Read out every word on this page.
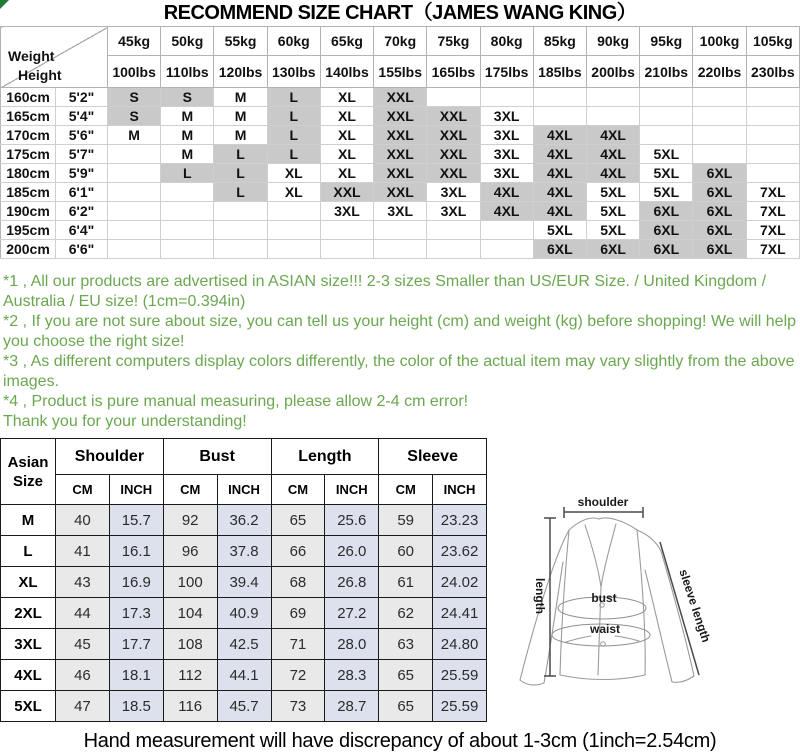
RECOMMEND SIZE CHART（JAMES WANG KING）
Weight
Height		45kg	50kg	55kg	60kg	65kg	70kg	75kg	80kg	85kg	90kg	95kg	100kg	105kg
		100lbs	110lbs	120lbs	130lbs	140lbs	155lbs	165lbs	175lbs	185lbs	200lbs	210lbs	220lbs	230lbs
160cm	5'2"	S	S	M	L	XL	XXL							
165cm	5'4"	S	M	M	L	XL	XXL	XXL	3XL					
170cm	5'6"	M	M	M	L	XL	XXL	XXL	3XL	4XL	4XL			
175cm	5'7"		M	L	L	XL	XXL	XXL	3XL	4XL	4XL	5XL		
180cm	5'9"		L	L	XL	XL	XXL	XXL	3XL	4XL	4XL	5XL	6XL	
185cm	6'1"			L	XL	XXL	XXL	3XL	4XL	4XL	5XL	5XL	6XL	7XL
190cm	6'2"					3XL	3XL	3XL	4XL	4XL	5XL	6XL	6XL	7XL
195cm	6'4"									5XL	5XL	6XL	6XL	7XL
200cm	6'6"									6XL	6XL	6XL	6XL	7XL

*1 , All our products are advertised in ASIAN size!!! 2-3 sizes Smaller than US/EUR Size. / United Kingdom / Australia / EU size! (1cm=0.394in)

*2 , If you are not sure about size, you can tell us your height (cm) and weight (kg) before shopping! We will help you choose the right size!

*3 , As different computers display colors differently, the color of the actual item may vary slightly from the above images.

*4 , Product is pure manual measuring, please allow 2-4 cm error!

Thank you for your understanding!

Asian
Size	Shoulder		Bust		Length		Sleeve	
	CM	INCH	CM	INCH	CM	INCH	CM	INCH
M	40	15.7	92	36.2	65	25.6	59	23.23
L	41	16.1	96	37.8	66	26.0	60	23.62
XL	43	16.9	100	39.4	68	26.8	61	24.02
2XL	44	17.3	104	40.9	69	27.2	62	24.41
3XL	45	17.7	108	42.5	71	28.0	63	24.80
4XL	46	18.1	112	44.1	72	28.3	65	25.59
5XL	47	18.5	116	45.7	73	28.7	65	25.59
shoulder
length	sleeve length
bust
waist
Hand measurement will have discrepancy of about 1-3cm (1inch=2.54cm)
